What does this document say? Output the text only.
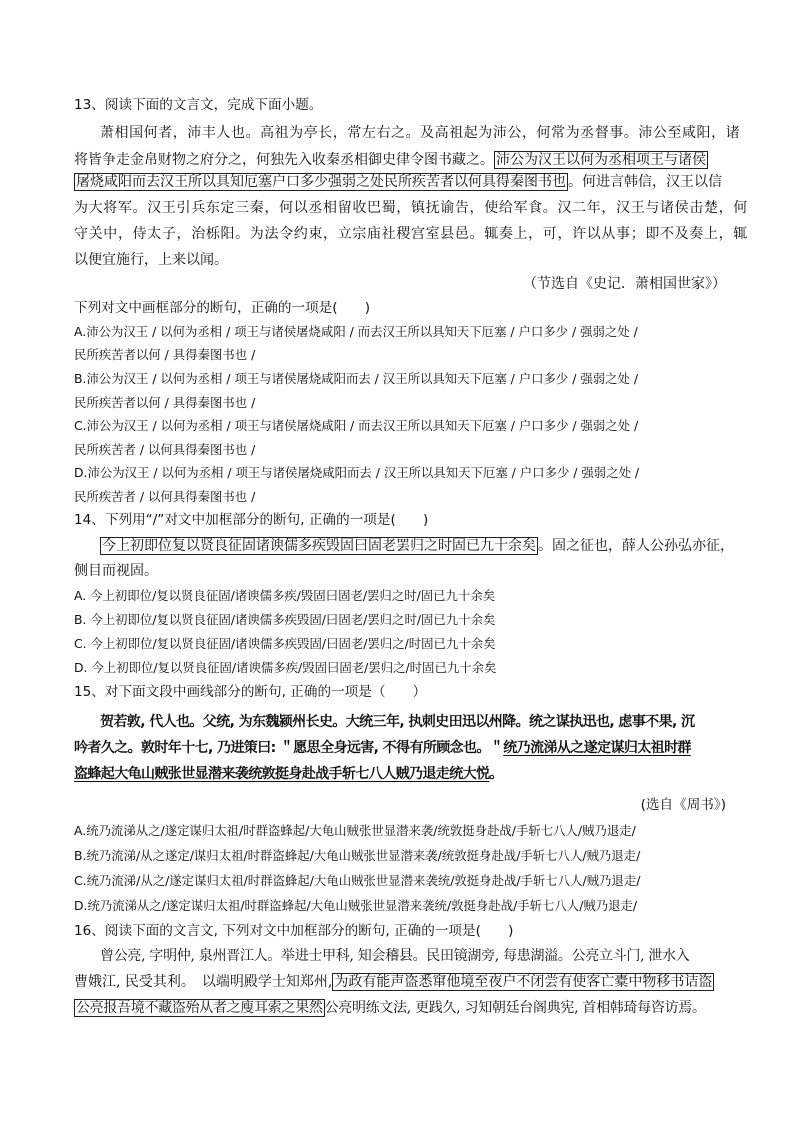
13、阅读下面的文言文，完成下面小题。
萧相国何者，沛丰人也。高祖为亭长，常左右之。及高祖起为沛公，何常为丞督事。沛公至咸阳，诸
将皆争走金帛财物之府分之，何独先入收秦丞相御史律令图书藏之。 沛公为汉王以何为丞相项王与诸侯
屠烧咸阳而去汉王所以具知厄塞户口多少强弱之处民所疾苦者以何具得秦图书也 。何进言韩信，汉王以信
为大将军。汉王引兵东定三秦，何以丞相留收巴蜀，镇抚谕告，使给军食。汉二年，汉王与诸侯击楚，何
守关中，侍太子，治栎阳。为法令约束，立宗庙社稷宫室县邑。辄奏上，可，许以从事；即不及奏上，辄
以便宜施行，上来以闻。
（节选自《史记．萧相国世家》）
下列对文中画框部分的断句，正确的一项是(　　)
A.沛公为汉王 / 以何为丞相 / 项王与诸侯屠烧咸阳 / 而去汉王所以具知天下厄塞 / 户口多少 / 强弱之处 /
民所疾苦者以何 / 具得秦图书也 /
B.沛公为汉王 / 以何为丞相 / 项王与诸侯屠烧咸阳而去 / 汉王所以具知天下厄塞 / 户口多少 / 强弱之处 /
民所疾苦者以何 / 具得秦图书也 /
C.沛公为汉王 / 以何为丞相 / 项王与诸侯屠烧咸阳 / 而去汉王所以具知天下厄塞 / 户口多少 / 强弱之处 /
民所疾苦者 / 以何具得秦图书也 /
D.沛公为汉王 / 以何为丞相 / 项王与诸侯屠烧咸阳而去 / 汉王所以具知天下厄塞 / 户口多少 / 强弱之处 /
民所疾苦者 / 以何具得秦图书也 /
14、下列用“/”对文中加框部分的断句, 正确的一项是(　　)
今上初即位复以贤良征固诸谀儒多疾毁固曰固老罢归之时固已九十余矣 。固之征也，薛人公孙弘亦征，
侧目而视固。
A. 今上初即位/复以贤良征固/诸谀儒多疾/毁固曰固老/罢归之时/固已九十余矣
B. 今上初即位/复以贤良征固/诸谀儒多疾毁固/曰固老/罢归之时/固已九十余矣
C. 今上初即位/复以贤良征固/诸谀儒多疾毁固/曰固老/罢归之/时固已九十余矣
D. 今上初即位/复以贤良征固/诸谀儒多疾/毁固曰固老/罢归之/时固已九十余矣
15、对下面文段中画线部分的断句, 正确的一项是（　　）
贺若敦, 代人也。父统, 为东魏颍州长史。大统三年, 执刺史田迅以州降。统之谋执迅也, 虑事不果, 沉
吟者久之。敦时年十七, 乃进策曰: ＂愿思全身远害, 不得有所顾念也。＂统乃流涕从之遂定谋归太祖时群
盗蜂起大龟山贼张世显潜来袭统敦挺身赴战手斩七八人贼乃退走统大悦。
(选自《周书》)
A.统乃流涕从之/遂定谋归太祖/时群盗蜂起/大龟山贼张世显潜来袭/统敦挺身赴战/手斩七八人/贼乃退走/
B.统乃流涕/从之遂定/谋归太祖/时群盗蜂起/大龟山贼张世显潜来袭/统敦挺身赴战/手斩七八人/贼乃退走/
C.统乃流涕/从之/遂定谋归太祖/时群盗蜂起/大龟山贼张世显潜来袭统/敦挺身赴战/手斩七八人/贼乃退走/
D.统乃流涕从之/遂定谋归太祖/时群盗蜂起/大龟山贼张世显潜来袭统/敦挺身赴战/手斩七八人/贼乃退走/
16、阅读下面的文言文, 下列对文中加框部分的断句, 正确的一项是(　　)
曾公亮, 字明仲, 泉州晋江人。举进士甲科, 知会稽县。民田镜湖旁, 每患湖溢。公亮立斗门, 泄水入
曹娥江, 民受其利。　以端明殿学士知郑州, 为政有能声盗悉窜他境至夜户不闭尝有使客亡橐中物移书诘盗
公亮报吾境不藏盗殆从者之廋耳索之果然 公亮明练文法, 更践久, 习知朝廷台阁典宪, 首相韩琦每咨访焉。
